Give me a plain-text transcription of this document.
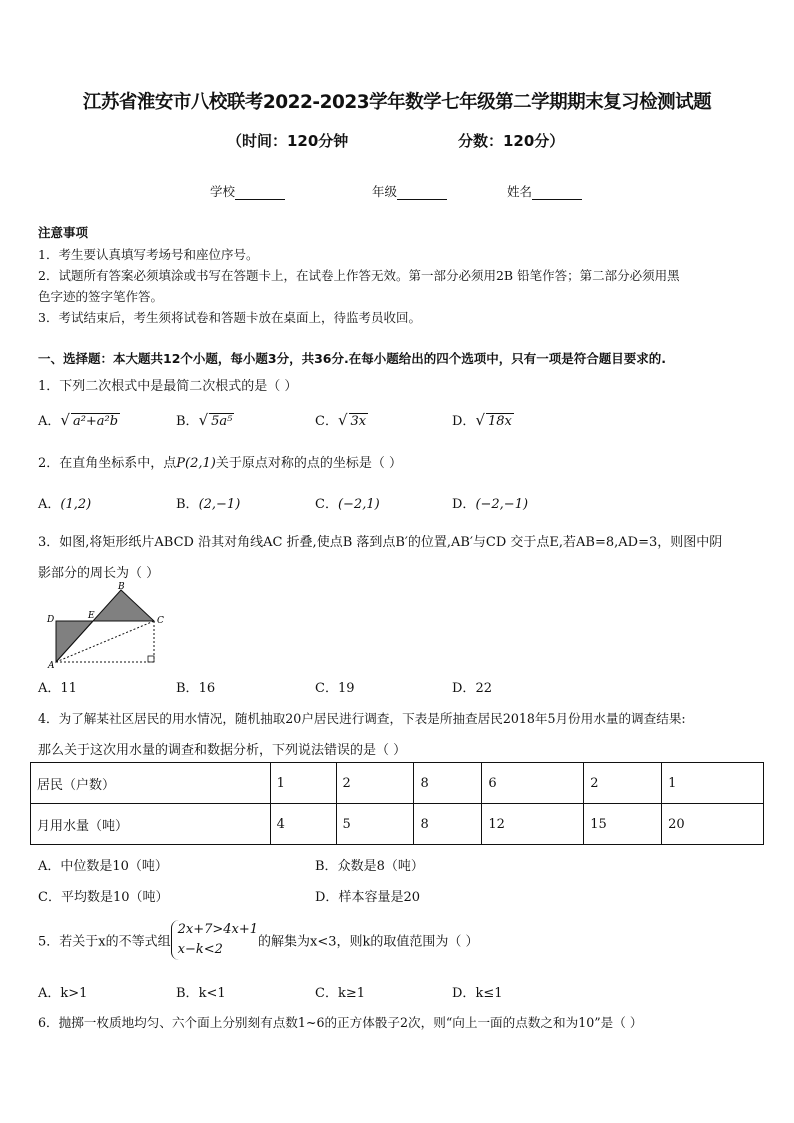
江苏省淮安市八校联考2022-2023学年数学七年级第二学期期末复习检测试题
（时间：120分钟	分数：120分）
学校	年级	姓名
注意事项
1．考生要认真填写考场号和座位序号。
2．试题所有答案必须填涂或书写在答题卡上，在试卷上作答无效。第一部分必须用2B 铅笔作答；第二部分必须用黑
色字迹的签字笔作答。
3．考试结束后，考生须将试卷和答题卡放在桌面上，待监考员收回。
一、选择题：本大题共12个小题，每小题3分，共36分.在每小题给出的四个选项中，只有一项是符合题目要求的.
1．下列二次根式中是最简二次根式的是（ ）
A．√ a²+a²b	B．√ 5a⁵	C．√ 3x	D．√ 18x
2．在直角坐标系中，点P(2,1)关于原点对称的点的坐标是（ ）
A．(1,2)	B．(2,−1)	C．(−2,1)	D．(−2,−1)
3．如图,将矩形纸片ABCD 沿其对角线AC 折叠,使点B 落到点B′的位置,AB′与CD 交于点E,若AB=8,AD=3，则图中阴
影部分的周长为（ ）
D	E
B
C
A
A．11	B．16	C．19	D．22
4．为了解某社区居民的用水情况，随机抽取20户居民进行调查，下表是所抽查居民2018年5月份用水量的调查结果:
那么关于这次用水量的调查和数据分析，下列说法错误的是（ ）
居民（户数）	1	2	8	6	2	1
月用水量（吨）	4	5	8	12	15	20
A．中位数是10（吨）	B．众数是8（吨）
C．平均数是10（吨）	D．样本容量是20
5．若关于x的不等式组
2x+7>4x+1
x−k<2	的解集为x<3，则k的取值范围为（ ）
A．k>1	B．k<1	C．k≥1	D．k≤1
6．抛掷一枚质地均匀、六个面上分别刻有点数1~6的正方体骰子2次，则“向上一面的点数之和为10”是（ ）
